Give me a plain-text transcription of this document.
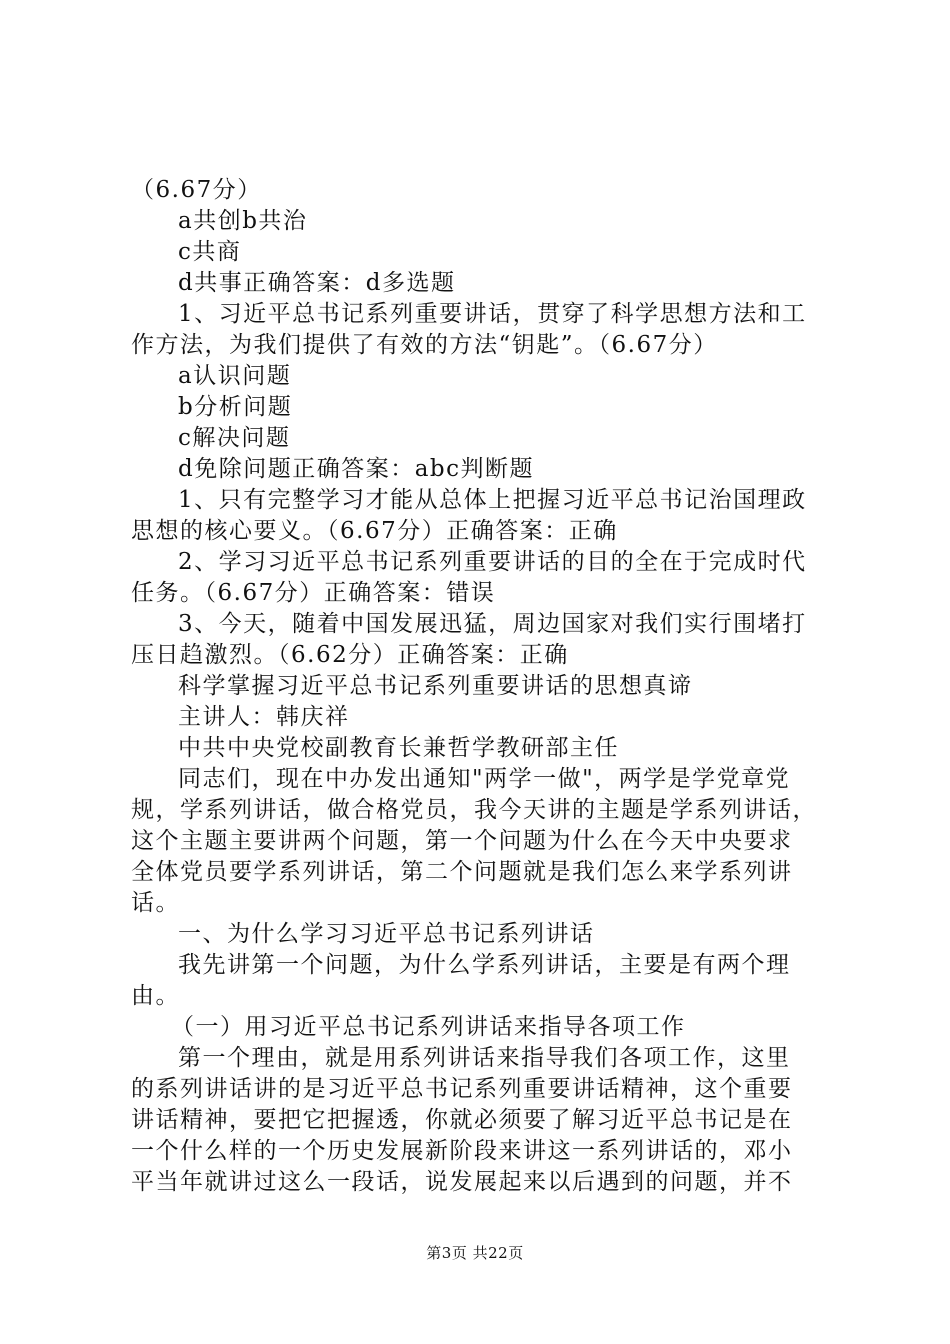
（6.67分）
a共创b共治
c共商
d共事正确答案：d多选题
1、习近平总书记系列重要讲话，贯穿了科学思想方法和工
作方法，为我们提供了有效的方法“钥匙”。（6.67分）
a认识问题
b分析问题
c解决问题
d免除问题正确答案：abc判断题
1、只有完整学习才能从总体上把握习近平总书记治国理政
思想的核心要义。（6.67分）正确答案：正确
2、学习习近平总书记系列重要讲话的目的全在于完成时代
任务。（6.67分）正确答案：错误
3、今天，随着中国发展迅猛，周边国家对我们实行围堵打
压日趋激烈。（6.62分）正确答案：正确
科学掌握习近平总书记系列重要讲话的思想真谛
主讲人：韩庆祥
中共中央党校副教育长兼哲学教研部主任
同志们，现在中办发出通知"两学一做"，两学是学党章党
规，学系列讲话，做合格党员，我今天讲的主题是学系列讲话，
这个主题主要讲两个问题，第一个问题为什么在今天中央要求
全体党员要学系列讲话，第二个问题就是我们怎么来学系列讲
话。
一、为什么学习习近平总书记系列讲话
我先讲第一个问题，为什么学系列讲话，主要是有两个理
由。
（一）用习近平总书记系列讲话来指导各项工作
第一个理由，就是用系列讲话来指导我们各项工作，这里
的系列讲话讲的是习近平总书记系列重要讲话精神，这个重要
讲话精神，要把它把握透，你就必须要了解习近平总书记是在
一个什么样的一个历史发展新阶段来讲这一系列讲话的，邓小
平当年就讲过这么一段话，说发展起来以后遇到的问题，并不
第3页 共22页
